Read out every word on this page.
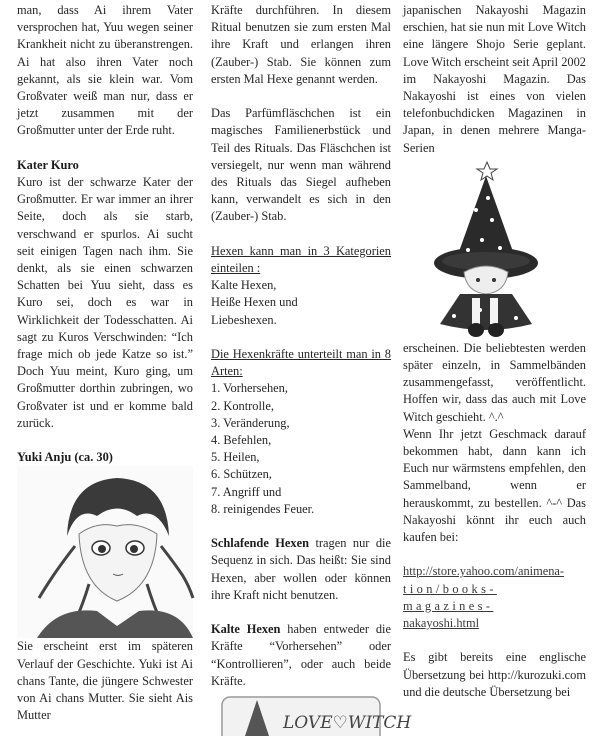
man, dass Ai ihrem Vater versprochen hat, Yuu wegen seiner Krankheit nicht zu überanstrengen. Ai hat also ihren Vater noch gekannt, als sie klein war. Vom Großvater weiß man nur, dass er jetzt zusammen mit der Großmutter unter der Erde ruht.

Kater Kuro

Kuro ist der schwarze Kater der Großmutter. Er war immer an ihrer Seite, doch als sie starb, verschwand er spurlos. Ai sucht seit einigen Tagen nach ihm. Sie denkt, als sie einen schwarzen Schatten bei Yuu sieht, dass es Kuro sei, doch es war in Wirklichkeit der Todesschatten. Ai sagt zu Kuros Verschwinden: “Ich frage mich ob jede Katze so ist.” Doch Yuu meint, Kuro ging, um Großmutter dorthin zubringen, wo Großvater ist und er komme bald zurück.

Yuki Anju (ca. 30)

Sie erscheint erst im späteren Verlauf der Geschichte. Yuki ist Ai chans Tante, die jüngere Schwester von Ai chans Mutter. Sie sieht Ais Mutter

Kräfte durchführen. In diesem Ritual benutzen sie zum ersten Mal ihre Kraft und erlangen ihren (Zauber-) Stab. Sie können zum ersten Mal Hexe genannt werden.

Das Parfümfläschchen ist ein magisches Familienerbstück und Teil des Rituals. Das Fläschchen ist versiegelt, nur wenn man während des Rituals das Siegel aufheben kann, verwandelt es sich in den (Zauber-) Stab.

Hexen kann man in 3 Kategorien einteilen :

Kalte Hexen,
Heiße Hexen und
Liebeshexen.

Die Hexenkräfte unterteilt man in 8 Arten:

1. Vorhersehen,
2. Kontrolle,
3. Veränderung,
4. Befehlen,
5. Heilen,
6. Schützen,
7. Angriff und
8. reinigendes Feuer.

Schlafende Hexen tragen nur die Sequenz in sich. Das heißt: Sie sind Hexen, aber wollen oder können ihre Kraft nicht benutzen.

Kalte Hexen haben entweder die Kräfte “Vorhersehen” oder “Kontrollieren”, oder auch beide Kräfte.

LOVE♡WITCH

japanischen Nakayoshi Magazin erschien, hat sie nun mit Love Witch eine längere Shojo Serie geplant. Love Witch erscheint seit April 2002 im Nakayoshi Magazin. Das Nakayoshi ist eines von vielen telefonbuchdicken Magazinen in Japan, in denen mehrere Manga-Serien

erscheinen. Die beliebtesten werden später einzeln, in Sammelbänden zusammengefasst, veröffentlicht. Hoffen wir, dass das auch mit Love Witch geschieht. ^.^

Wenn Ihr jetzt Geschmack darauf bekommen habt, dann kann ich Euch nur wärmstens empfehlen, den Sammelband, wenn er herauskommt, zu bestellen. ^-^ Das Nakayoshi könnt ihr euch auch kaufen bei:

http://store.yahoo.com/animena-
tion/books-magazines-
nakayoshi.html

Es gibt bereits eine englische Übersetzung bei http://kurozuki.com und die deutsche Übersetzung bei
